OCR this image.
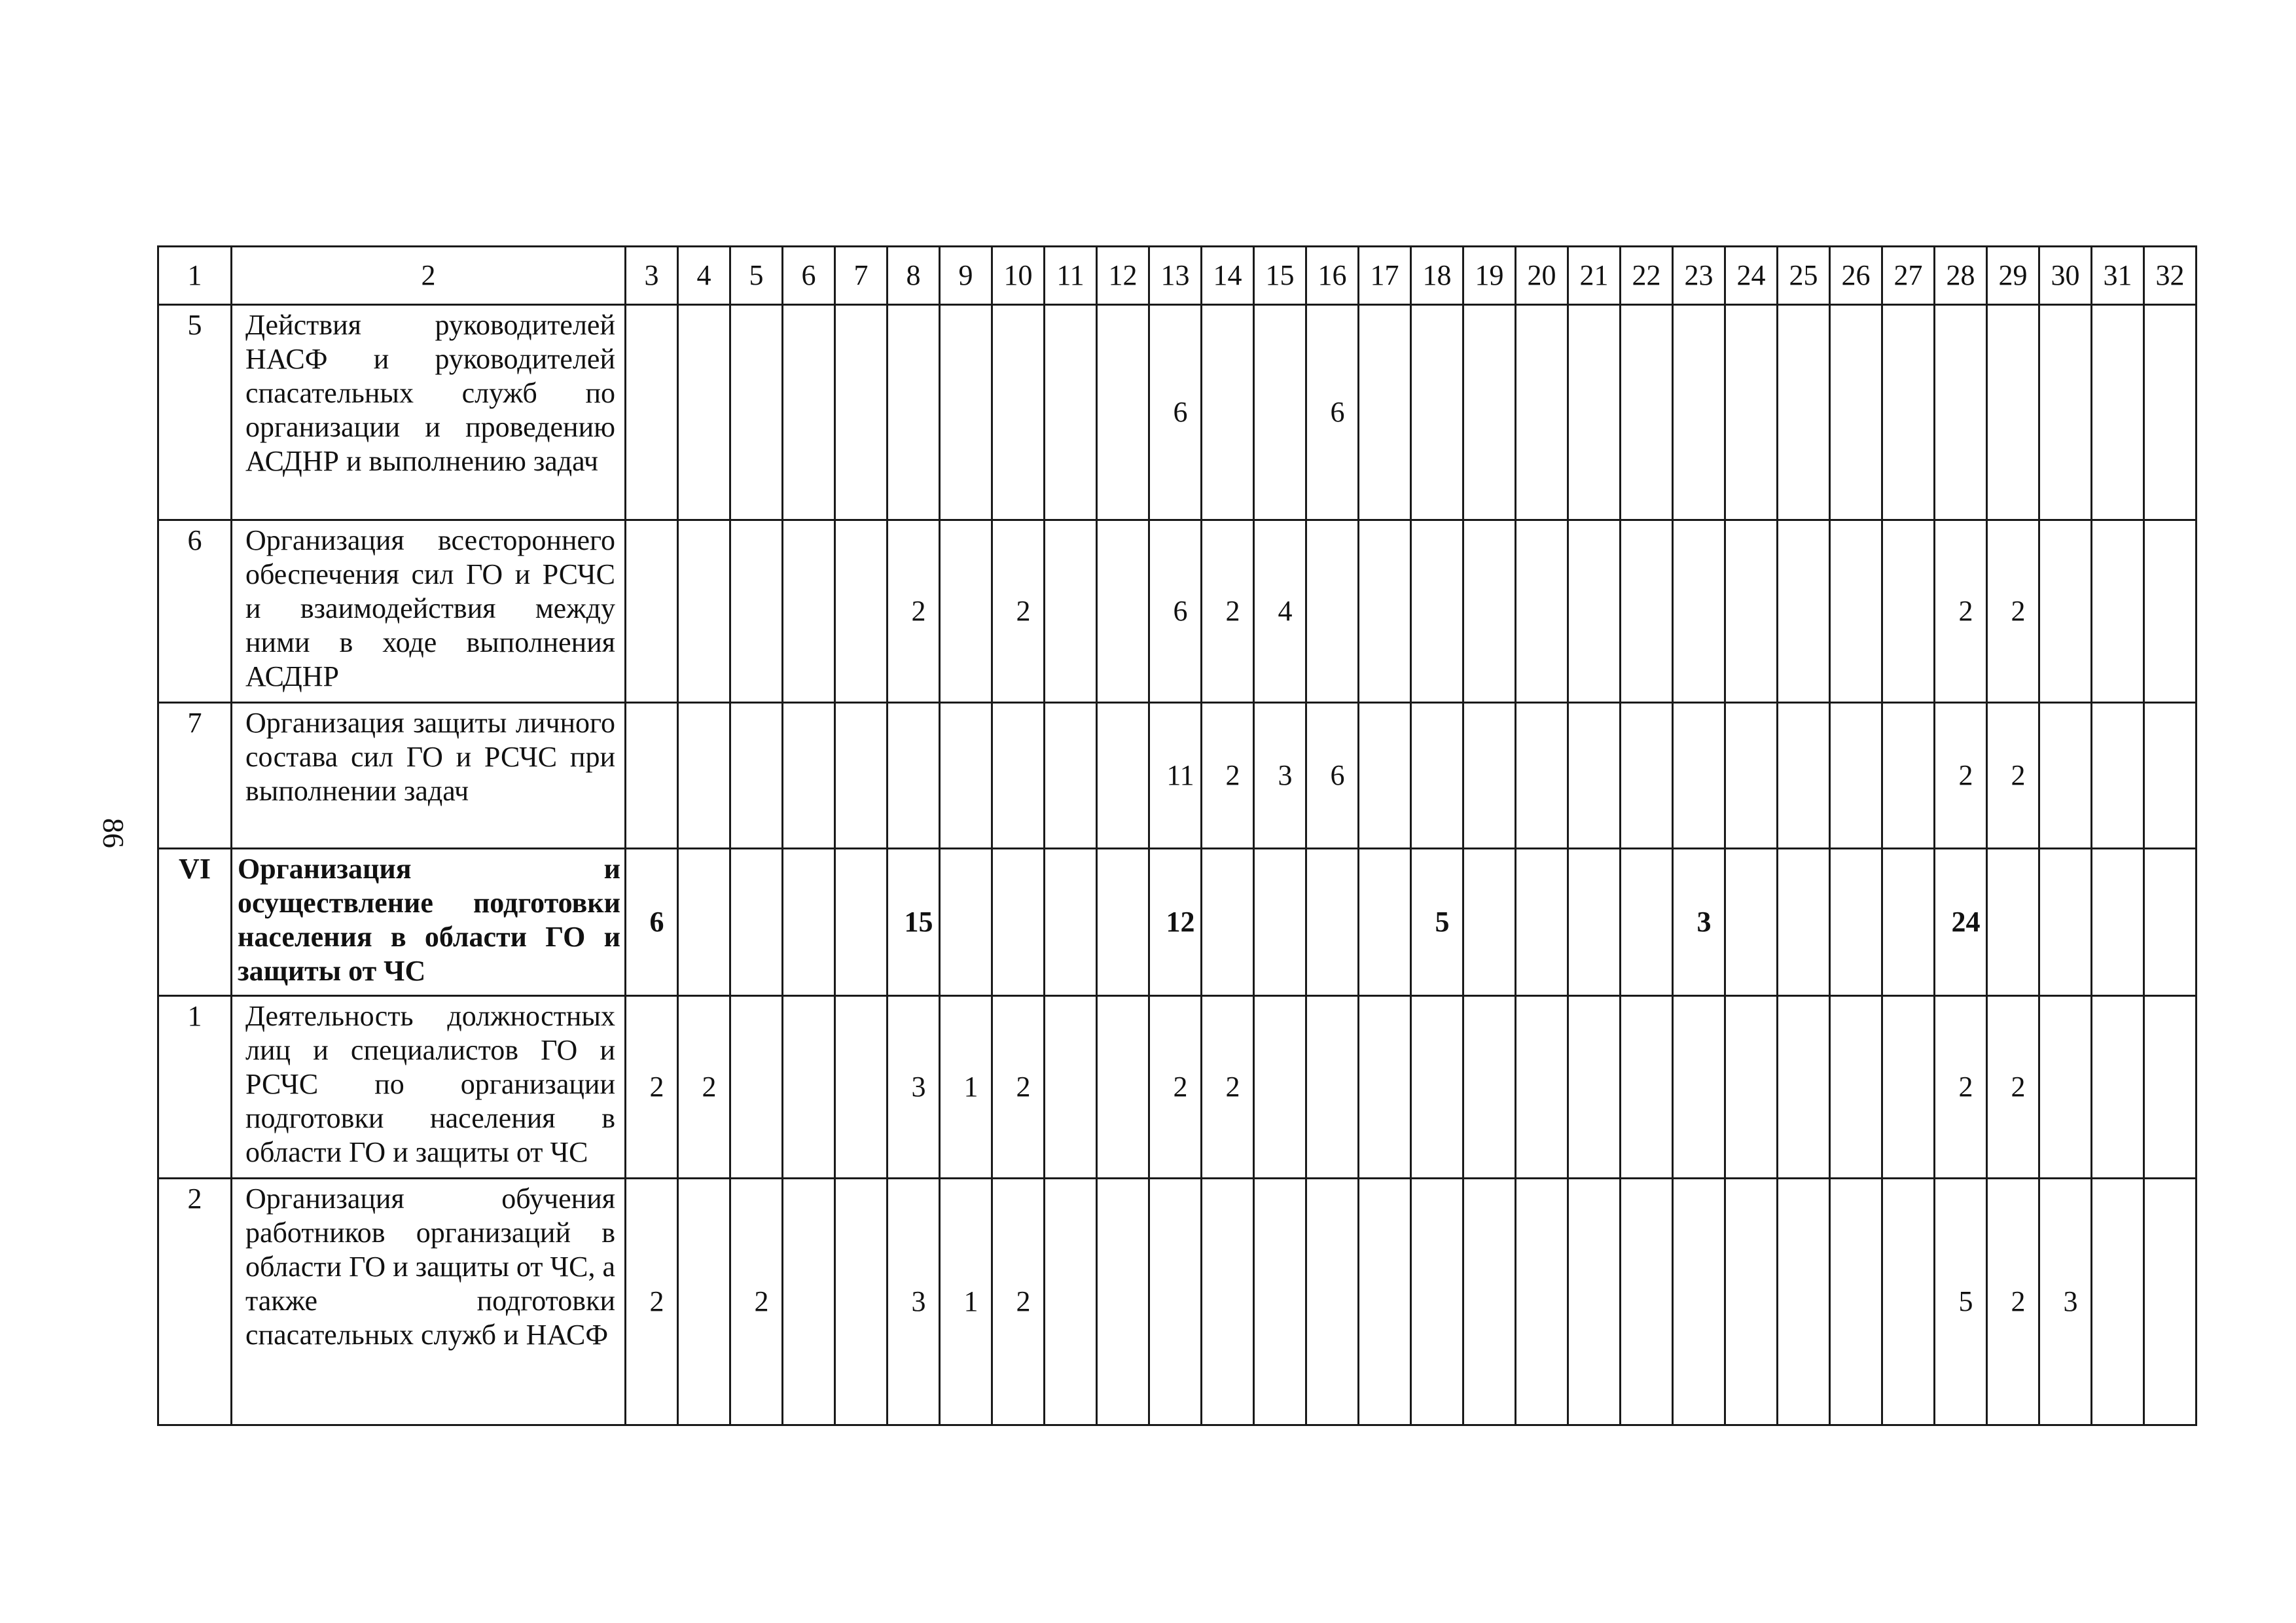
86
1	2	3	4	5	6	7	8	9	10	11	12	13	14	15	16	17	18	19	20	21	22	23	24	25	26	27	28	29	30	31	32
5	Действия руководителей НАСФ и руководителей спасательных служб по организации и проведению АСДНР и выполнению задач											6			6																
6	Организация всестороннего обеспечения сил ГО и РСЧС и взаимодействия между ними в ходе выполнения АСДНР						2		2			6	2	4													2	2			
7	Организация защиты личного состава сил ГО и РСЧС при выполнении задач											11	2	3	6												2	2			
VI	Организация и осуществление подготовки населения в области ГО и защиты от ЧС	6					15					12					5					3					24				
1	Деятельность должностных лиц и специалистов ГО и РСЧС по организации подготовки населения в области ГО и защиты от ЧС	2	2				3	1	2			2	2														2	2			
2	Организация обучения работников организаций в области ГО и защиты от ЧС, а также подготовки спасательных служб и НАСФ	2		2			3	1	2																		5	2	3		
